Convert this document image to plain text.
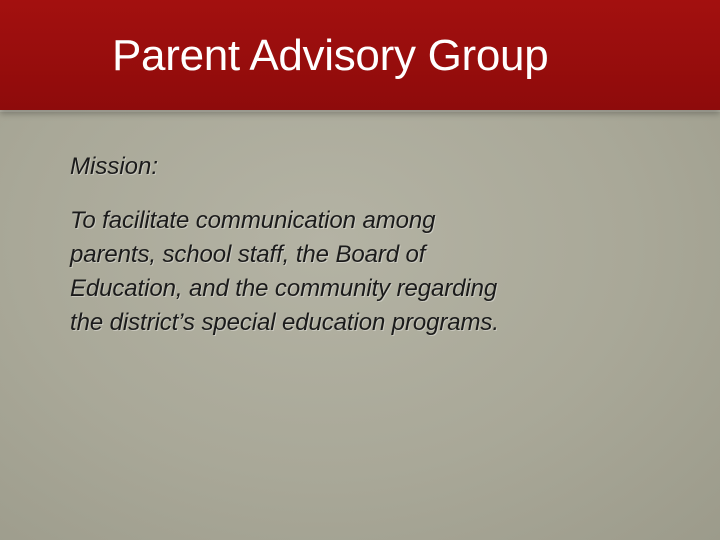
Parent Advisory Group

Mission:

To facilitate communication among
parents, school staff, the Board of
Education, and the community regarding
the district’s special education programs.
